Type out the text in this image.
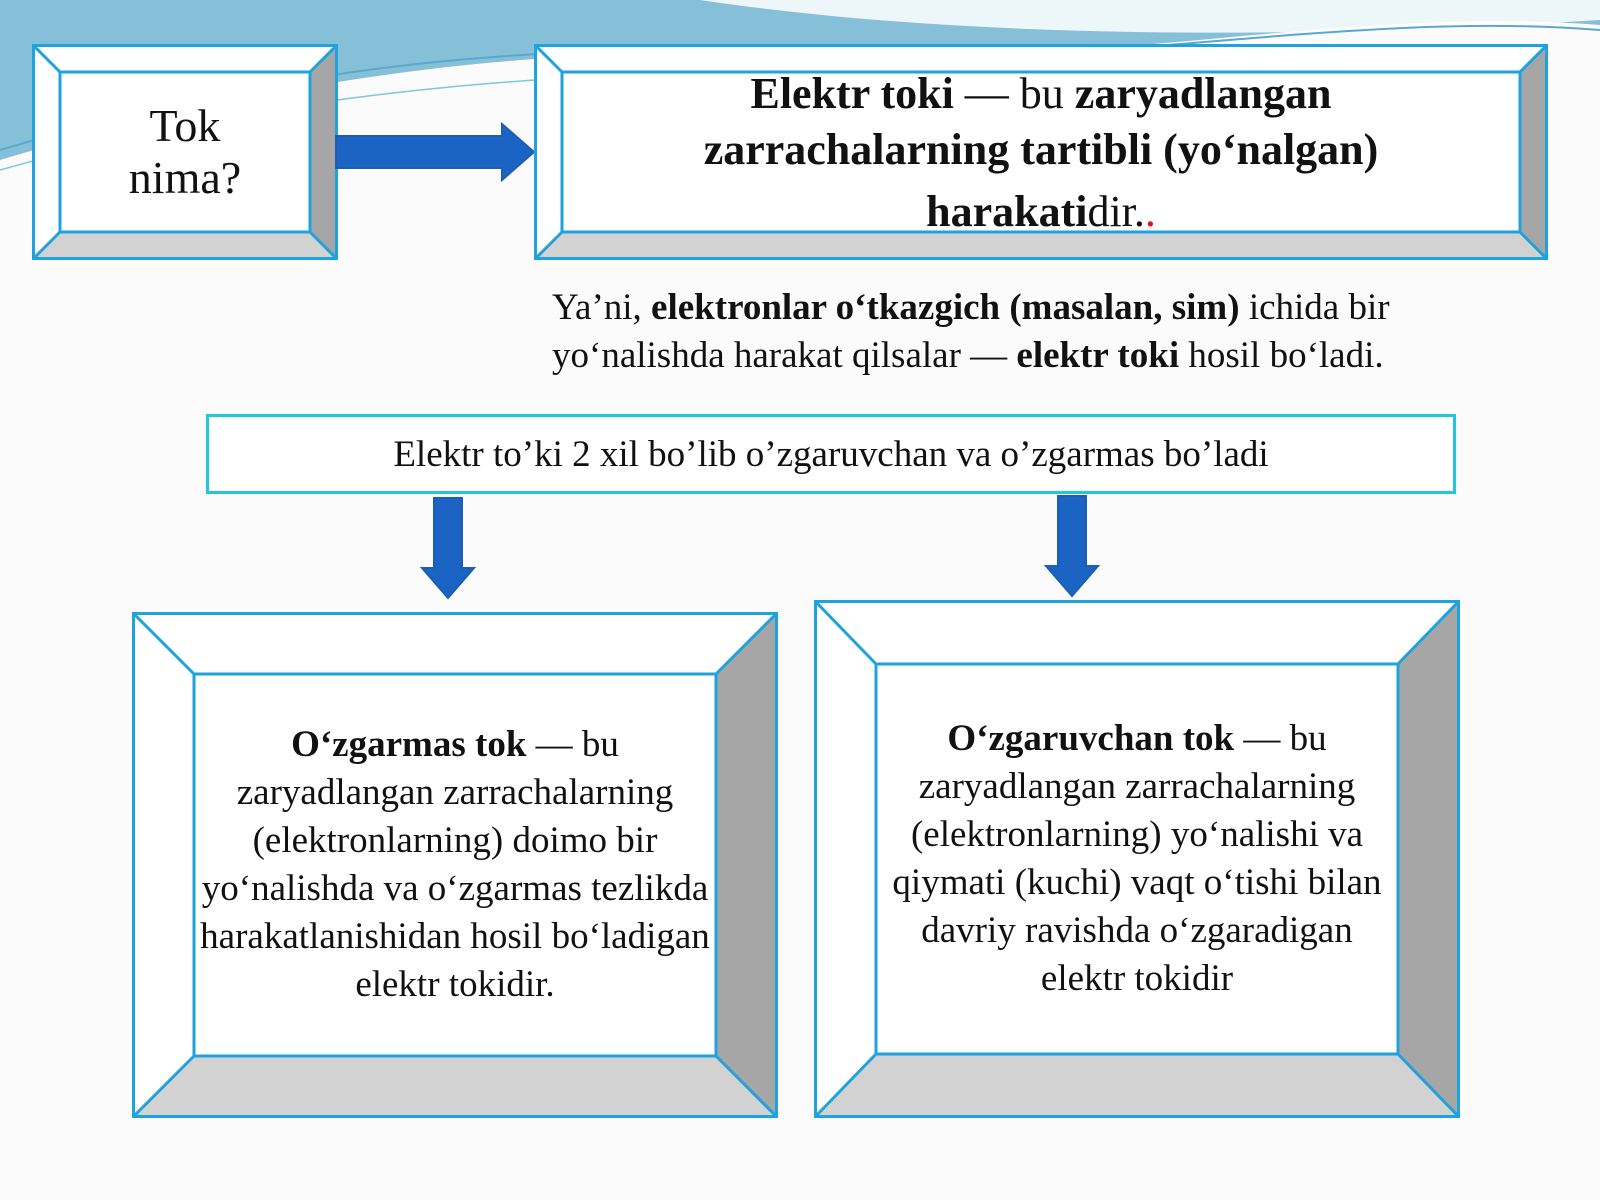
Tok
nima?
Elektr toki — bu zaryadlangan
zarrachalarning tartibli (yo‘nalgan)
harakatidir..
Ya’ni, elektronlar o‘tkazgich (masalan, sim) ichida bir
yo‘nalishda harakat qilsalar — elektr toki hosil bo‘ladi.
Elektr to’ki 2 xil bo’lib o’zgaruvchan va o’zgarmas bo’ladi
O‘zgarmas tok — bu
zaryadlangan zarrachalarning (elektronlarning) doimo bir yo‘nalishda va o‘zgarmas tezlikda harakatlanishidan hosil bo‘ladigan elektr tokidir.
O‘zgaruvchan tok — bu
zaryadlangan zarrachalarning (elektronlarning) yo‘nalishi va qiymati (kuchi) vaqt o‘tishi bilan davriy ravishda o‘zgaradigan elektr tokidir
